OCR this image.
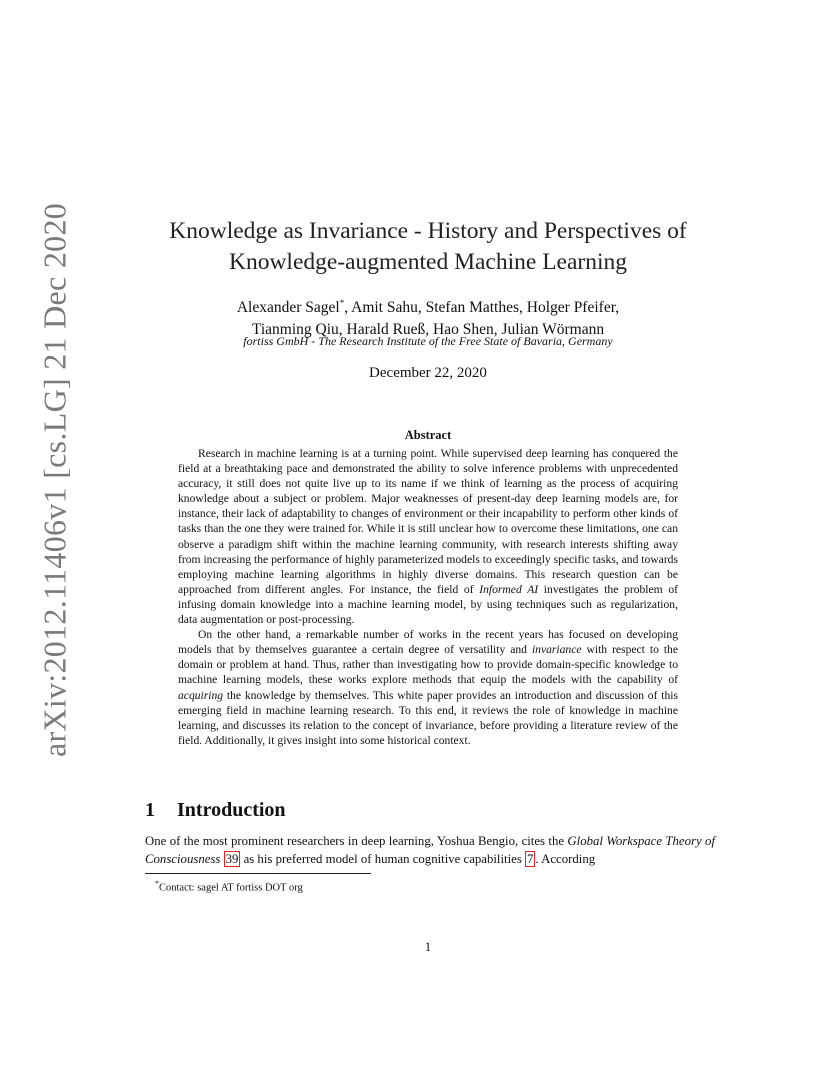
arXiv:2012.11406v1 [cs.LG] 21 Dec 2020	Knowledge as Invariance - History and Perspectives of
Knowledge-augmented Machine Learning
Alexander Sagel*, Amit Sahu, Stefan Matthes, Holger Pfeifer,
Tianming Qiu, Harald Rueß, Hao Shen, Julian Wörmann
fortiss GmbH - The Research Institute of the Free State of Bavaria, Germany
December 22, 2020
Abstract

Research in machine learning is at a turning point. While supervised deep learning has conquered the field at a breathtaking pace and demonstrated the ability to solve inference problems with unprecedented accuracy, it still does not quite live up to its name if we think of learning as the process of acquiring knowledge about a subject or problem. Major weaknesses of present-day deep learning models are, for instance, their lack of adaptability to changes of environment or their incapability to perform other kinds of tasks than the one they were trained for. While it is still unclear how to overcome these limitations, one can observe a paradigm shift within the machine learning community, with research interests shifting away from increasing the performance of highly parameterized models to exceedingly specific tasks, and towards employing machine learning algorithms in highly diverse domains. This research question can be approached from different angles. For instance, the field of Informed AI investigates the problem of infusing domain knowledge into a machine learning model, by using techniques such as regularization, data augmentation or post-processing.

On the other hand, a remarkable number of works in the recent years has focused on developing models that by themselves guarantee a certain degree of versatility and invariance with respect to the domain or problem at hand. Thus, rather than investigating how to provide domain-specific knowledge to machine learning models, these works explore methods that equip the models with the capability of acquiring the knowledge by themselves. This white paper provides an introduction and discussion of this emerging field in machine learning research. To this end, it reviews the role of knowledge in machine learning, and discusses its relation to the concept of invariance, before providing a literature review of the field. Additionally, it gives insight into some historical context.

1 Introduction

One of the most prominent researchers in deep learning, Yoshua Bengio, cites the Global Workspace Theory of Consciousness 39 as his preferred model of human cognitive capabilities 7 . According

*Contact: sagel AT fortiss DOT org
1
